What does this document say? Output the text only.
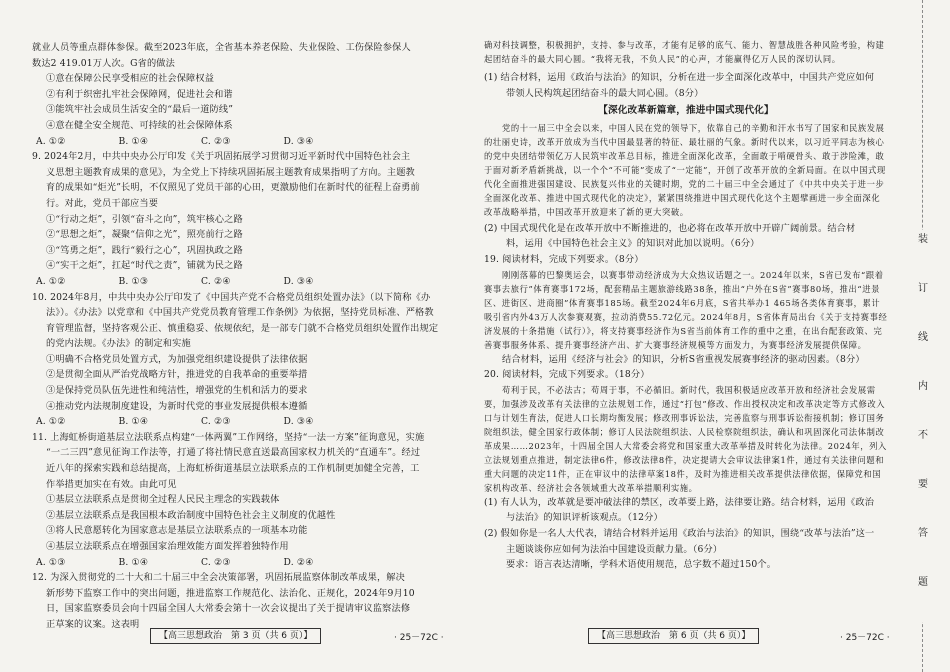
就业人员等重点群体参保。截至2023年底，全省基本养老保险、失业保险、工伤保险参保人

数达2 419.01万人次。G省的做法

①意在保障公民享受相应的社会保障权益

②有利于织密扎牢社会保障网，促进社会和谐

③能筑牢社会成员生活安全的“最后一道防线”

④意在健全安全规范、可持续的社会保障体系

A. ①②	B. ①④	C. ②③	D. ③④

9. 2024年2月，中共中央办公厅印发《关于巩固拓展学习贯彻习近平新时代中国特色社会主

义思想主题教育成果的意见》，为全党上下持续巩固拓展主题教育成果指明了方向。主题教

育的成果如“炬光”长明，不仅照见了党员干部的心田，更激励他们在新时代的征程上奋勇前

行。对此，党员干部应当要

①“行动之炬”，引领“奋斗之向”，筑牢核心之路

②“思想之炬”，凝聚“信仰之光”，照亮前行之路

③“笃勇之炬”，践行“毅行之心”，巩固执政之路

④“实干之炬”，扛起“时代之责”，铺就为民之路

A. ①②	B. ①③	C. ②④	D. ③④

10. 2024年8月，中共中央办公厅印发了《中国共产党不合格党员组织处置办法》（以下简称《办

法》）。《办法》以党章和《中国共产党党员教育管理工作条例》为依据，坚持党员标准、严格教

育管理监督，坚持客观公正、慎重稳妥、依规依纪，是一部专门就不合格党员组织处置作出规定

的党内法规。《办法》的制定和实施

①明确不合格党员处置方式，为加强党组织建设提供了法律依据

②是贯彻全面从严治党战略方针，推进党的自我革命的重要举措

③是保持党员队伍先进性和纯洁性，增强党的生机和活力的要求

④推动党内法规制度建设，为新时代党的事业发展提供根本遵循

A. ①②	B. ①④	C. ②③	D. ③④

11. 上海虹桥街道基层立法联系点构建“一体两翼”工作网络，坚持“一法一方案”征询意见，实施

“一二三四”意见征询工作法等，打通了将社情民意直送最高国家权力机关的“直通车”。经过

近八年的探索实践和总结提高，上海虹桥街道基层立法联系点的工作机制更加健全完善，工

作举措更加实在有效。由此可见

①基层立法联系点是贯彻全过程人民民主理念的实践载体

②基层立法联系点是我国根本政治制度中国特色社会主义制度的优越性

③将人民意愿转化为国家意志是基层立法联系点的一项基本功能

④基层立法联系点在增强国家治理效能方面发挥着独特作用

A. ①③	B. ①④	C. ②③	D. ②④

12. 为深入贯彻党的二十大和二十届三中全会决策部署，巩固拓展监察体制改革成果，解决

新形势下监察工作中的突出问题，推进监察工作规范化、法治化、正规化，2024年9月10

日，国家监察委员会向十四届全国人大常委会第十一次会议提出了关于提请审议监察法修

正草案的议案。这表明

【高三思想政治　第 3 页（共 6 页）】	· 25－72C ·

确对科技调整，积极拥护，支持、参与改革，才能有足够的底气、能力、智慧战胜各种风险考验，构建起团结奋斗的最大同心圆。“我将无我，不负人民”的心声，才能赢得亿万人民的深切认同。

(1) 结合材料，运用《政治与法治》的知识，分析在进一步全面深化改革中，中国共产党应如何

带领人民构筑起团结奋斗的最大同心圆。（8分）

【深化改革新篇章，推进中国式现代化】

党的十一届三中全会以来，中国人民在党的领导下，依靠自己的辛勤和汗水书写了国家和民族发展的壮丽史诗，改革开放成为当代中国最显著的特征、最壮丽的气象。新时代以来，以习近平同志为核心的党中央团结带领亿万人民筑牢改革总目标，推进全面深化改革，全面敢于啃硬骨头、敢于涉险滩，敢于面对新矛盾新挑战，以一个个“不可能”变成了“一定能”，开创了改革开放的全新局面。在以中国式现代化全面推进强国建设、民族复兴伟业的关键时期，党的二十届三中全会通过了《中共中央关于进一步全面深化改革、推进中国式现代化的决定》，紧紧围绕推进中国式现代化这个主题擘画进一步全面深化改革战略举措，中国改革开放迎来了新的更大突破。

(2) 中国式现代化是在改革开放中不断推进的，也必将在改革开放中开辟广阔前景。结合材

料，运用《中国特色社会主义》的知识对此加以说明。（6分）

19. 阅读材料，完成下列要求。（8分）

刚刚落幕的巴黎奥运会，以赛事带动经济成为大众热议话题之一。2024年以来，S省已发布“跟着赛事去旅行”体育赛事172场，配套精品主题旅游线路38条，推出“户外在S省”赛事80场，推出“进景区、进街区、进商圈”体育赛事185场。截至2024年6月底，S省共举办1 465场各类体育赛事，累计吸引省内外43万人次参赛观赛，拉动消费55.72亿元。2024年8月，S省体育局出台《关于支持赛事经济发展的十条措施（试行）》，将支持赛事经济作为S省当前体育工作的重中之重，在出台配套政策、完善赛事服务体系、提升赛事经济产出、扩大赛事经济规模等方面发力，为赛事经济发展提供保障。

结合材料，运用《经济与社会》的知识，分析S省重视发展赛事经济的驱动因素。（8分）

20. 阅读材料，完成下列要求。（18分）

苟利于民，不必法古；苟周于事，不必循旧。新时代，我国积极适应改革开放和经济社会发展需要，加强涉及改革有关法律的立法规划工作，通过“打包”修改、作出授权决定和改革决定等方式修改入口与计划生育法，促进人口长期均衡发展；修改刑事诉讼法，完善监察与刑事诉讼衔接机制；修订国务院组织法，健全国家行政体制；修订人民法院组织法、人民检察院组织法，确认和巩固深化司法体制改革成果……2023年，十四届全国人大常委会将党和国家重大改革举措及时转化为法律。2024年，列入立法规划重点推进，制定法律6件，修改法律8件，决定提请大会审议法律案1件，通过有关法律问题和重大问题的决定11件，正在审议中的法律草案18件，及时为推进相关改革提供法律依据，保障党和国家机构改革、经济社会各领域重大改革举措顺利实施。

(1) 有人认为，改革就是要冲破法律的禁区，改革要上路，法律要让路。结合材料，运用《政治

与法治》的知识评析该观点。（12分）

(2) 假如你是一名人大代表，请结合材料并运用《政治与法治》的知识，围绕“改革与法治”这一

主题谈谈你应如何为法治中国建设贡献力量。（6分）

要求：语言表达清晰，学科术语使用规范，总字数不超过150个。

【高三思想政治　第 6 页（共 6 页）】	· 25－72C ·
装
订
线
内
不
要
答
题
